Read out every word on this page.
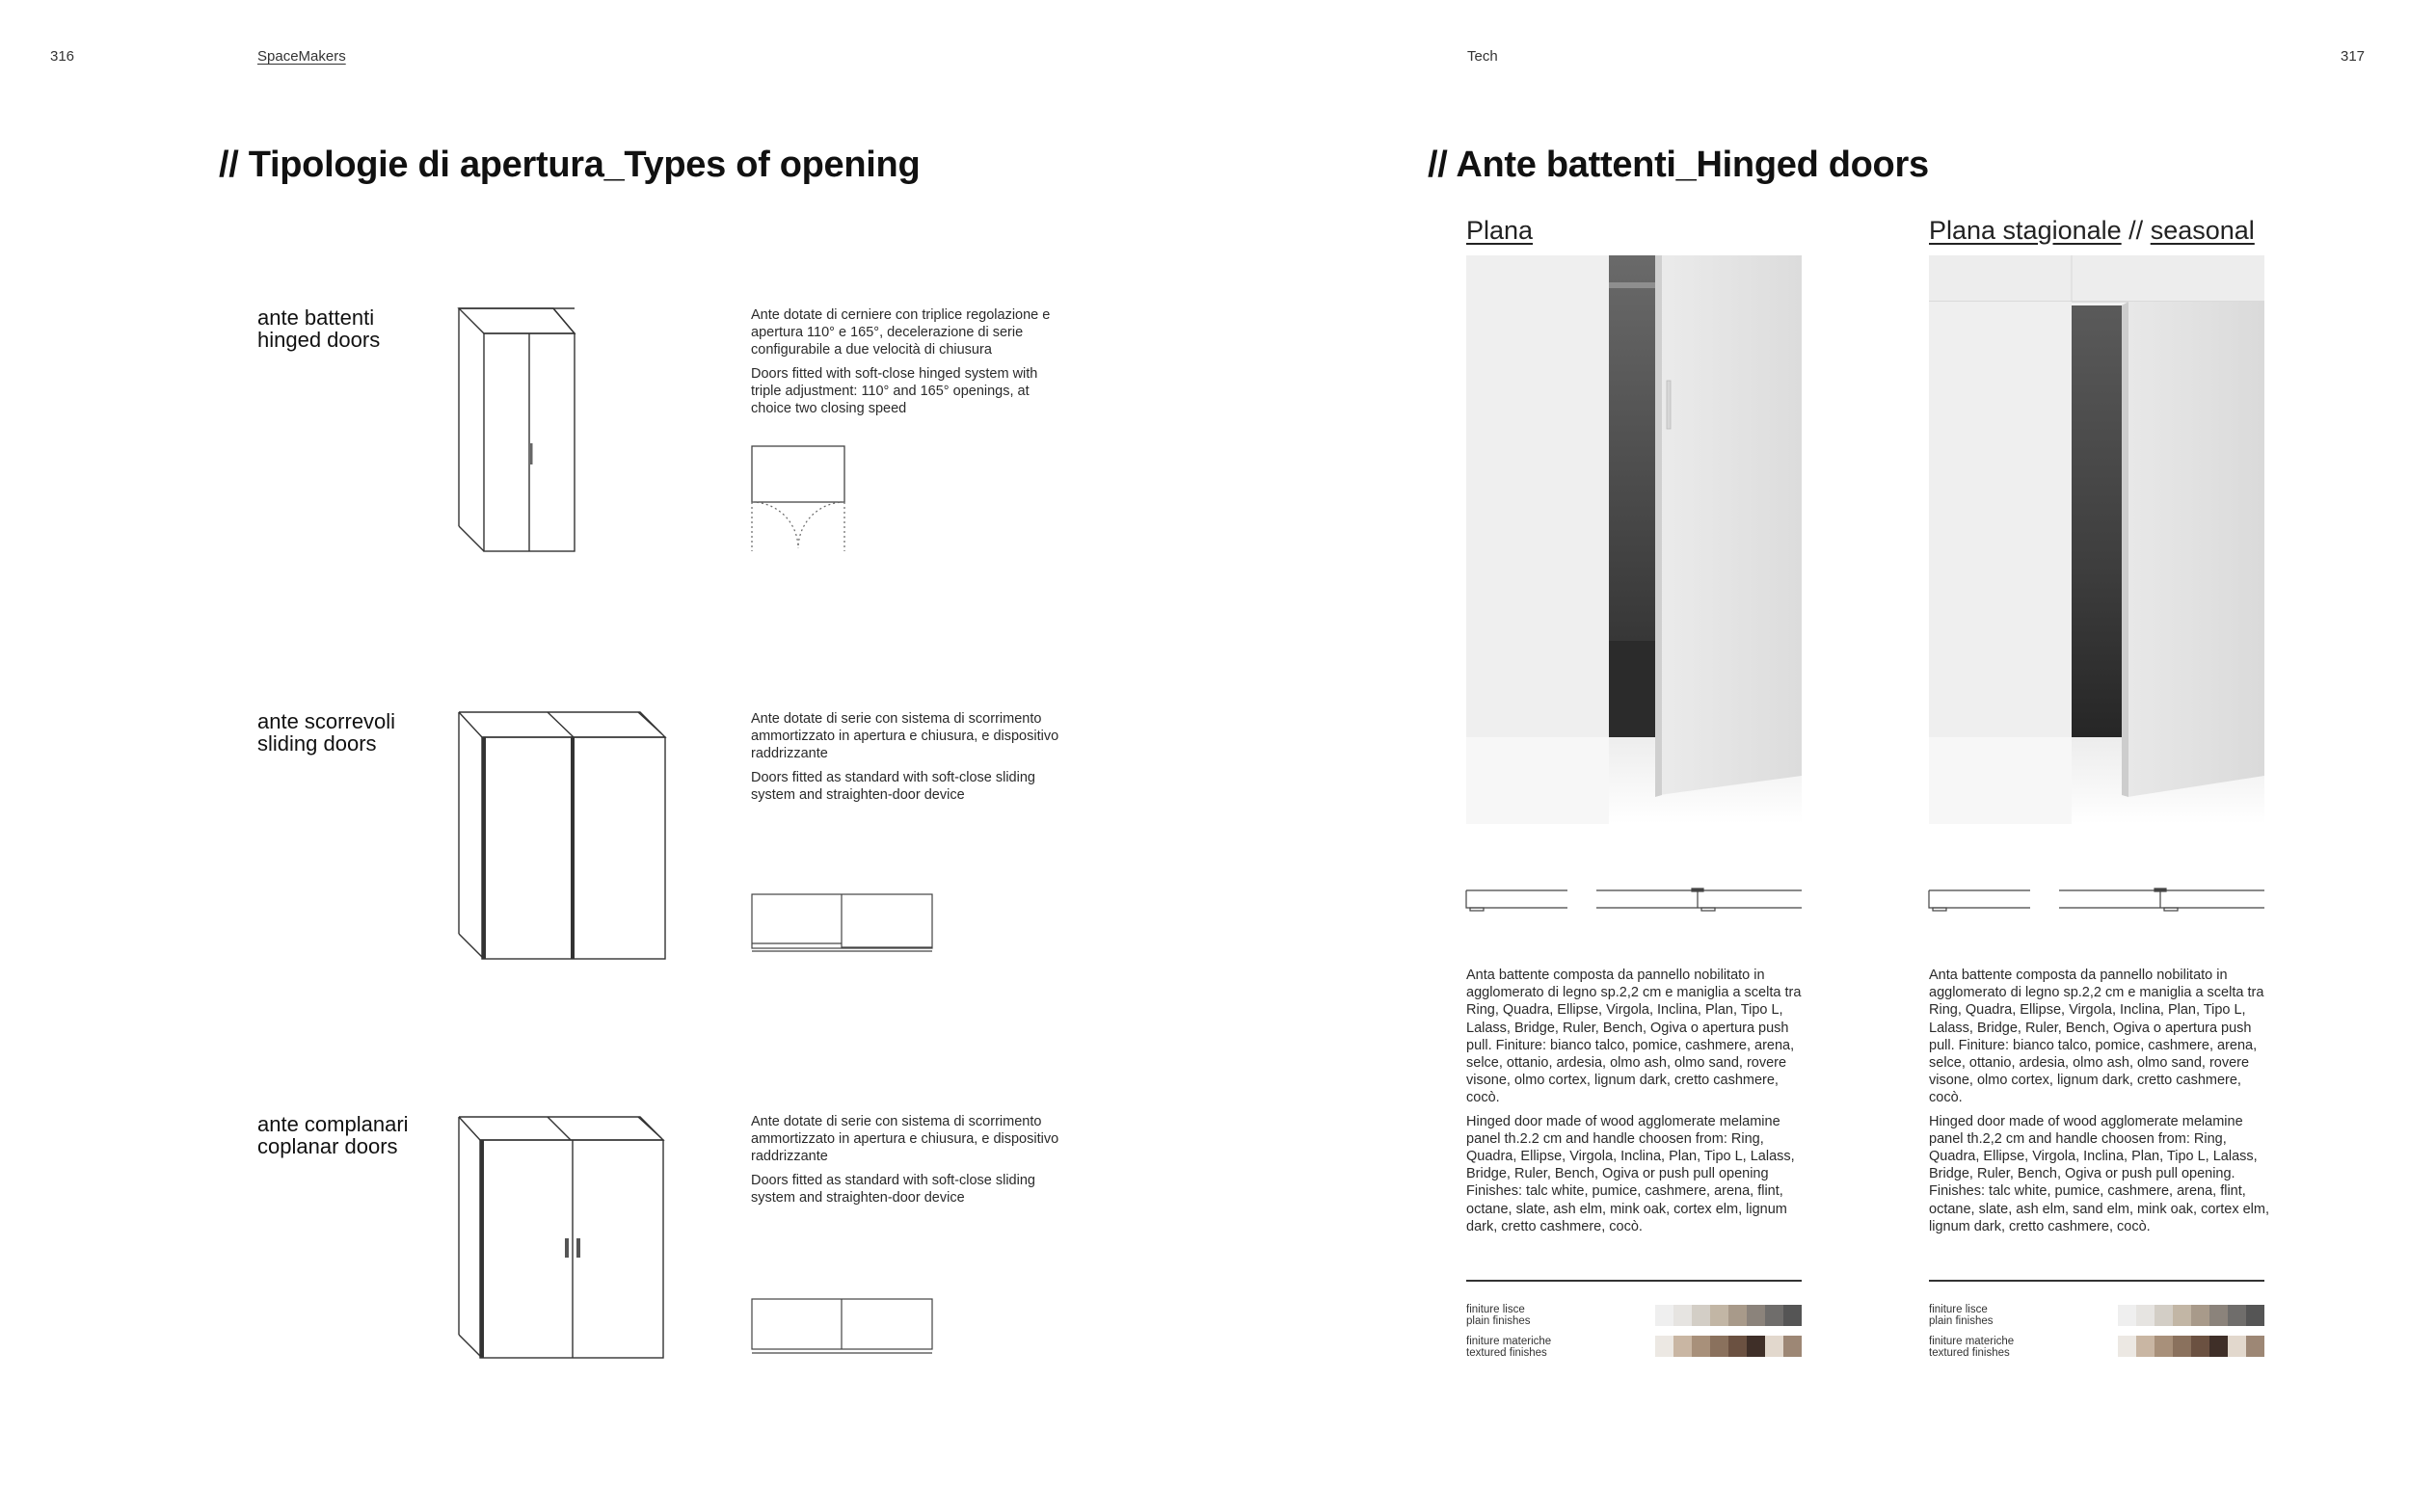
316	SpaceMakers	Tech	317
// Tipologie di apertura_Types of opening
ante battenti
hinged doors

Ante dotate di cerniere con triplice regolazione e apertura 110° e 165°, decelerazione di serie configurabile a due velocità di chiusura

Doors fitted with soft-close hinged system with triple adjustment: 110° and 165° openings, at choice two closing speed

ante scorrevoli
sliding doors

Ante dotate di serie con sistema di scorrimento ammortizzato in apertura e chiusura, e dispositivo raddrizzante

Doors fitted as standard with soft-close sliding system and straighten-door device

ante complanari
coplanar doors

Ante dotate di serie con sistema di scorrimento ammortizzato in apertura e chiusura, e dispositivo raddrizzante

Doors fitted as standard with soft-close sliding system and straighten-door device

// Ante battenti_Hinged doors
Plana

Anta battente composta da pannello nobilitato in agglomerato di legno sp.2,2 cm e maniglia a scelta tra Ring, Quadra, Ellipse, Virgola, Inclina, Plan, Tipo L, Lalass, Bridge, Ruler, Bench, Ogiva o apertura push pull. Finiture: bianco talco, pomice, cashmere, arena, selce, ottanio, ardesia, olmo ash, olmo sand, rovere visone, olmo cortex, lignum dark, cretto cashmere, cocò.

Hinged door made of wood agglomerate melamine panel th.2.2 cm and handle choosen from: Ring, Quadra, Ellipse, Virgola, Inclina, Plan, Tipo L, Lalass, Bridge, Ruler, Bench, Ogiva or push pull opening Finishes: talc white, pumice, cashmere, arena, flint, octane, slate, ash elm, mink oak, cortex elm, lignum dark, cretto cashmere, cocò.

finiture lisce
plain finishes
finiture materiche
textured finishes
Plana stagionale // seasonal

Anta battente composta da pannello nobilitato in agglomerato di legno sp.2,2 cm e maniglia a scelta tra Ring, Quadra, Ellipse, Virgola, Inclina, Plan, Tipo L, Lalass, Bridge, Ruler, Bench, Ogiva o apertura push pull. Finiture: bianco talco, pomice, cashmere, arena, selce, ottanio, ardesia, olmo ash, olmo sand, rovere visone, olmo cortex, lignum dark, cretto cashmere, cocò.

Hinged door made of wood agglomerate melamine panel th.2,2 cm and handle choosen from: Ring, Quadra, Ellipse, Virgola, Inclina, Plan, Tipo L, Lalass, Bridge, Ruler, Bench, Ogiva or push pull opening. Finishes: talc white, pumice, cashmere, arena, flint, octane, slate, ash elm, sand elm, mink oak, cortex elm, lignum dark, cretto cashmere, cocò.

finiture lisce
plain finishes
finiture materiche
textured finishes
